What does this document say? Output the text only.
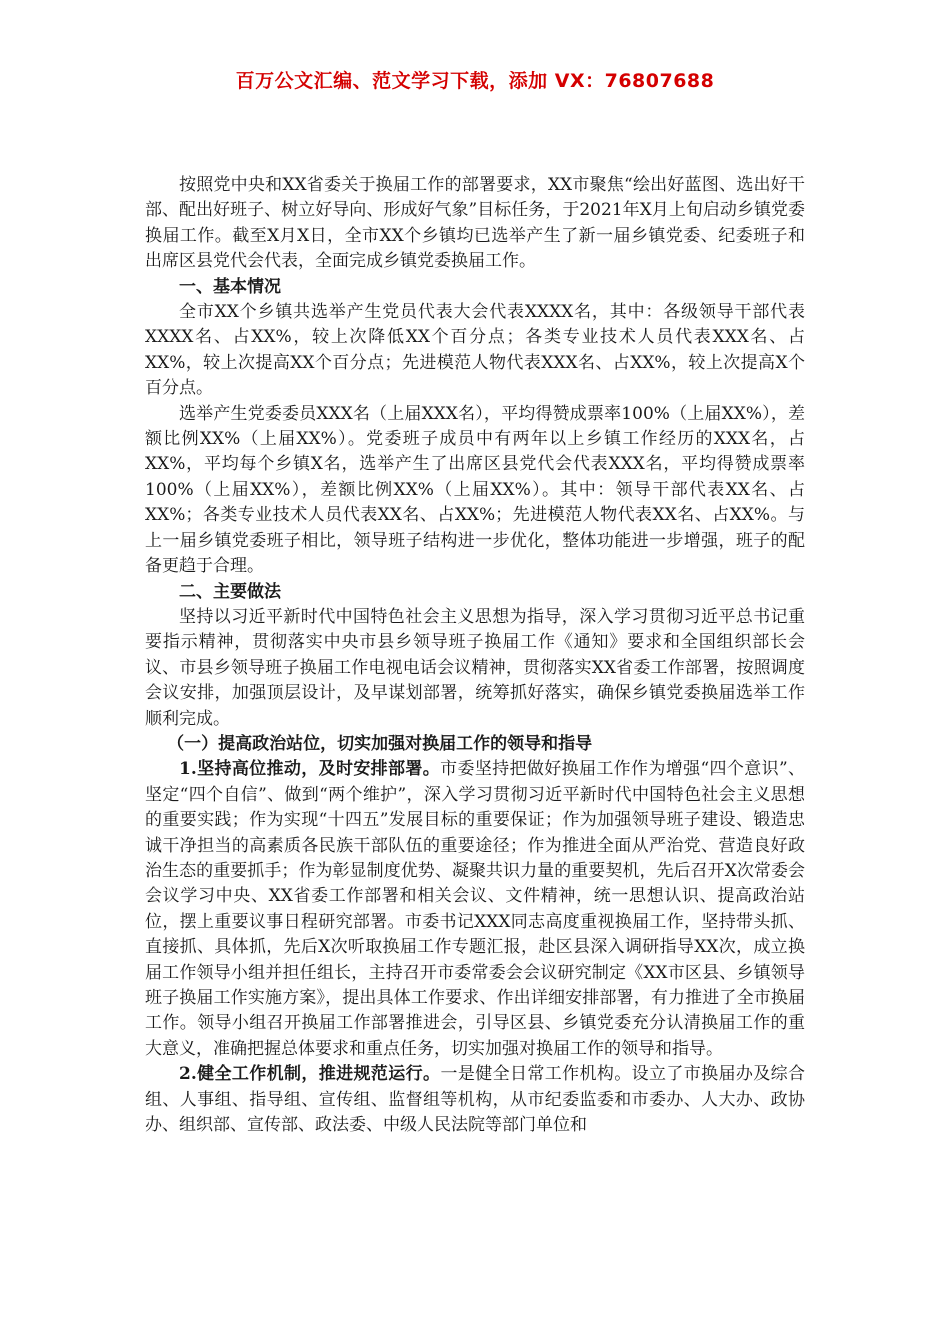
百万公文汇编、范文学习下载，添加 VX：76807688

按照党中央和XX省委关于换届工作的部署要求，XX市聚焦“绘出好蓝图、选出好干部、配出好班子、树立好导向、形成好气象”目标任务，于2021年X月上旬启动乡镇党委换届工作。截至X月X日，全市XX个乡镇均已选举产生了新一届乡镇党委、纪委班子和出席区县党代会代表，全面完成乡镇党委换届工作。

一、基本情况

全市XX个乡镇共选举产生党员代表大会代表XXXX名，其中：各级领导干部代表XXXX名、占XX%，较上次降低XX个百分点；各类专业技术人员代表XXX名、占XX%，较上次提高XX个百分点；先进模范人物代表XXX名、占XX%，较上次提高X个百分点。

选举产生党委委员XXX名（上届XXX名），平均得赞成票率100%（上届XX%），差额比例XX%（上届XX%）。党委班子成员中有两年以上乡镇工作经历的XXX名，占XX%，平均每个乡镇X名，选举产生了出席区县党代会代表XXX名，平均得赞成票率100%（上届XX%），差额比例XX%（上届XX%）。其中：领导干部代表XX名、占XX%；各类专业技术人员代表XX名、占XX%；先进模范人物代表XX名、占XX%。与上一届乡镇党委班子相比，领导班子结构进一步优化，整体功能进一步增强，班子的配备更趋于合理。

二、主要做法

坚持以习近平新时代中国特色社会主义思想为指导，深入学习贯彻习近平总书记重要指示精神，贯彻落实中央市县乡领导班子换届工作《通知》要求和全国组织部长会议、市县乡领导班子换届工作电视电话会议精神，贯彻落实XX省委工作部署，按照调度会议安排，加强顶层设计，及早谋划部署，统筹抓好落实，确保乡镇党委换届选举工作顺利完成。

（一）提高政治站位，切实加强对换届工作的领导和指导

1.坚持高位推动，及时安排部署。市委坚持把做好换届工作作为增强“四个意识”、坚定“四个自信”、做到“两个维护”，深入学习贯彻习近平新时代中国特色社会主义思想的重要实践；作为实现“十四五”发展目标的重要保证；作为加强领导班子建设、锻造忠诚干净担当的高素质各民族干部队伍的重要途径；作为推进全面从严治党、营造良好政治生态的重要抓手；作为彰显制度优势、凝聚共识力量的重要契机，先后召开X次常委会会议学习中央、XX省委工作部署和相关会议、文件精神，统一思想认识、提高政治站位，摆上重要议事日程研究部署。市委书记XXX同志高度重视换届工作，坚持带头抓、直接抓、具体抓，先后X次听取换届工作专题汇报，赴区县深入调研指导XX次，成立换届工作领导小组并担任组长，主持召开市委常委会会议研究制定《XX市区县、乡镇领导班子换届工作实施方案》，提出具体工作要求、作出详细安排部署，有力推进了全市换届工作。领导小组召开换届工作部署推进会，引导区县、乡镇党委充分认清换届工作的重大意义，准确把握总体要求和重点任务，切实加强对换届工作的领导和指导。

2.健全工作机制，推进规范运行。一是健全日常工作机构。设立了市换届办及综合组、人事组、指导组、宣传组、监督组等机构，从市纪委监委和市委办、人大办、政协办、组织部、宣传部、政法委、中级人民法院等部门单位和
